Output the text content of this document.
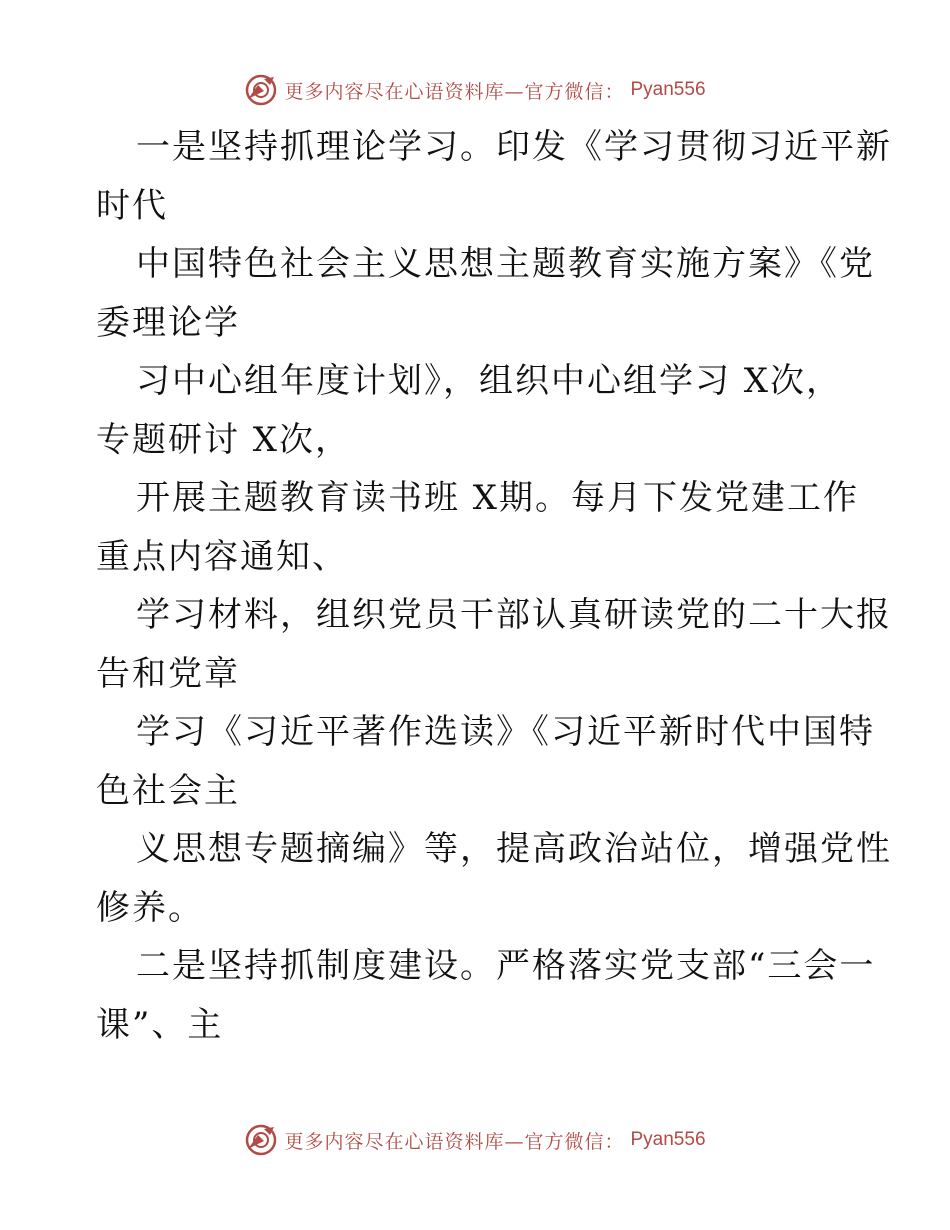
更多内容尽在心语资料库—官方微信： Pyan556

一是坚持抓理论学习。印发《学习贯彻习近平新

时代

中国特色社会主义思想主题教育实施方案》《党

委理论学

习中心组年度计划》，组织中心组学习 X次，

专题研讨 X次，

开展主题教育读书班 X期。每月下发党建工作

重点内容通知、

学习材料，组织党员干部认真研读党的二十大报

告和党章

学习《习近平著作选读》《习近平新时代中国特

色社会主

义思想专题摘编》等，提高政治站位，增强党性

修养。

二是坚持抓制度建设。严格落实党支部“三会一

课”、主

更多内容尽在心语资料库—官方微信： Pyan556
